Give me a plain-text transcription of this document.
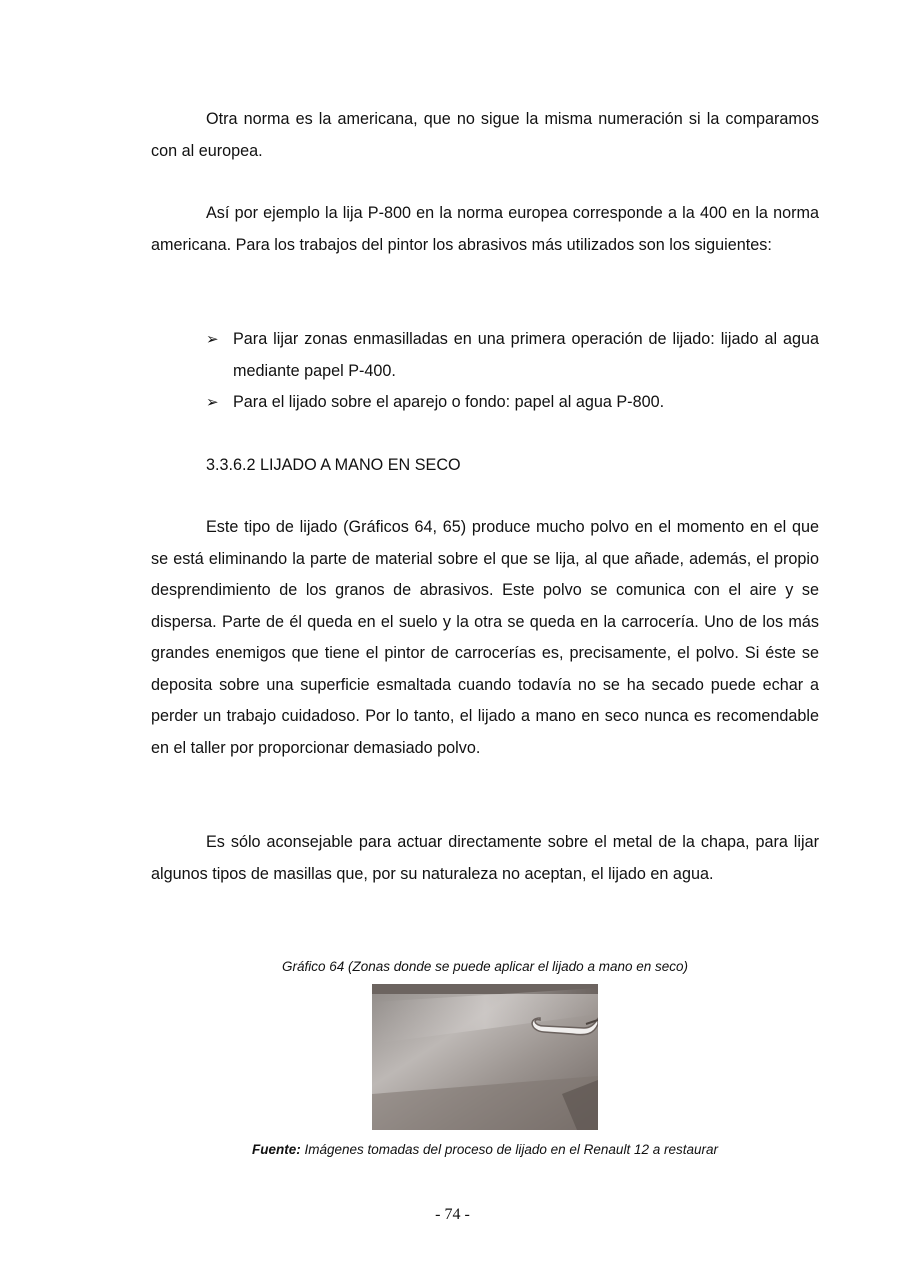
Otra norma es la americana, que no sigue la misma numeración si la comparamos con al europea.

Así por ejemplo la lija P-800 en la norma europea corresponde a la 400 en la norma americana. Para los trabajos del pintor los abrasivos más utilizados son los siguientes:

➢ Para lijar zonas enmasilladas en una primera operación de lijado: lijado al agua mediante papel P-400.
➢ Para el lijado sobre el aparejo o fondo: papel al agua P-800.

3.3.6.2 LIJADO A MANO EN SECO

Este tipo de lijado (Gráficos 64, 65) produce mucho polvo en el momento en el que se está eliminando la parte de material sobre el que se lija, al que añade, además, el propio desprendimiento de los granos de abrasivos. Este polvo se comunica con el aire y se dispersa. Parte de él queda en el suelo y la otra se queda en la carrocería. Uno de los más grandes enemigos que tiene el pintor de carrocerías es, precisamente, el polvo. Si éste se deposita sobre una superficie esmaltada cuando todavía no se ha secado puede echar a perder un trabajo cuidadoso. Por lo tanto, el lijado a mano en seco nunca es recomendable en el taller por proporcionar demasiado polvo.

Es sólo aconsejable para actuar directamente sobre el metal de la chapa, para lijar algunos tipos de masillas que, por su naturaleza no aceptan, el lijado en agua.

Gráfico 64 (Zonas donde se puede aplicar el lijado a mano en seco)

Fuente: Imágenes tomadas del proceso de lijado en el Renault 12 a restaurar

- 74 -
